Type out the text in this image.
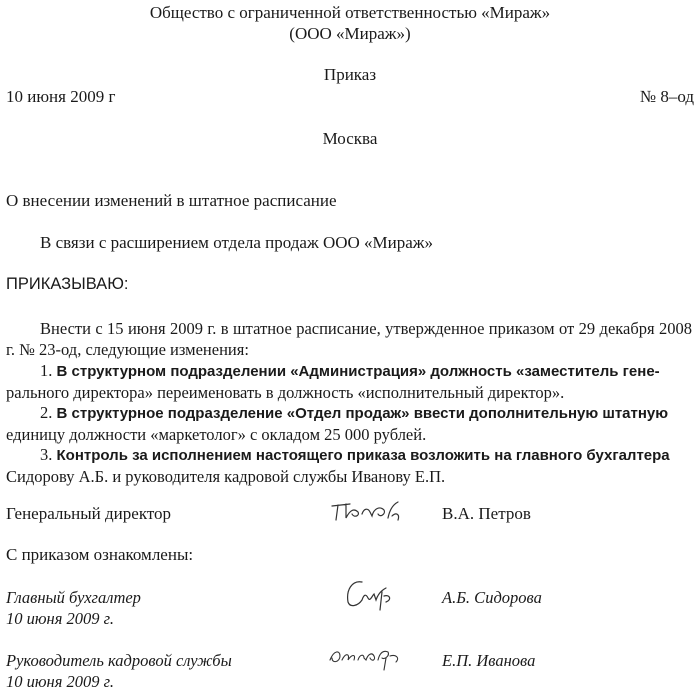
Общество с ограниченной ответственностью «Мираж»
(ООО «Мираж»)
Приказ
10 июня 2009 г	№ 8–од
Москва
О внесении изменений в штатное расписание
В связи с расширением отдела продаж ООО «Мираж»
ПРИКАЗЫВАЮ:
Внести с 15 июня 2009 г. в штатное расписание, утвержденное приказом от 29 декабря 2008 г. № 23-од, следующие изменения:
1. В структурном подразделении «Администрация» должность «заместитель гене-
рального директора» переименовать в должность «исполнительный директор».
2. В структурное подразделение «Отдел продаж» ввести дополнительную штатную
единицу должности «маркетолог» с окладом 25 000 рублей.
3. Контроль за исполнением настоящего приказа возложить на главного бухгалтера
Сидорову А.Б. и руководителя кадровой службы Иванову Е.П.
Генеральный директор	В.А. Петров
С приказом ознакомлены:
Главный бухгалтер
10 июня 2009 г.
А.Б. Сидорова
Руководитель кадровой службы
10 июня 2009 г.
Е.П. Иванова
